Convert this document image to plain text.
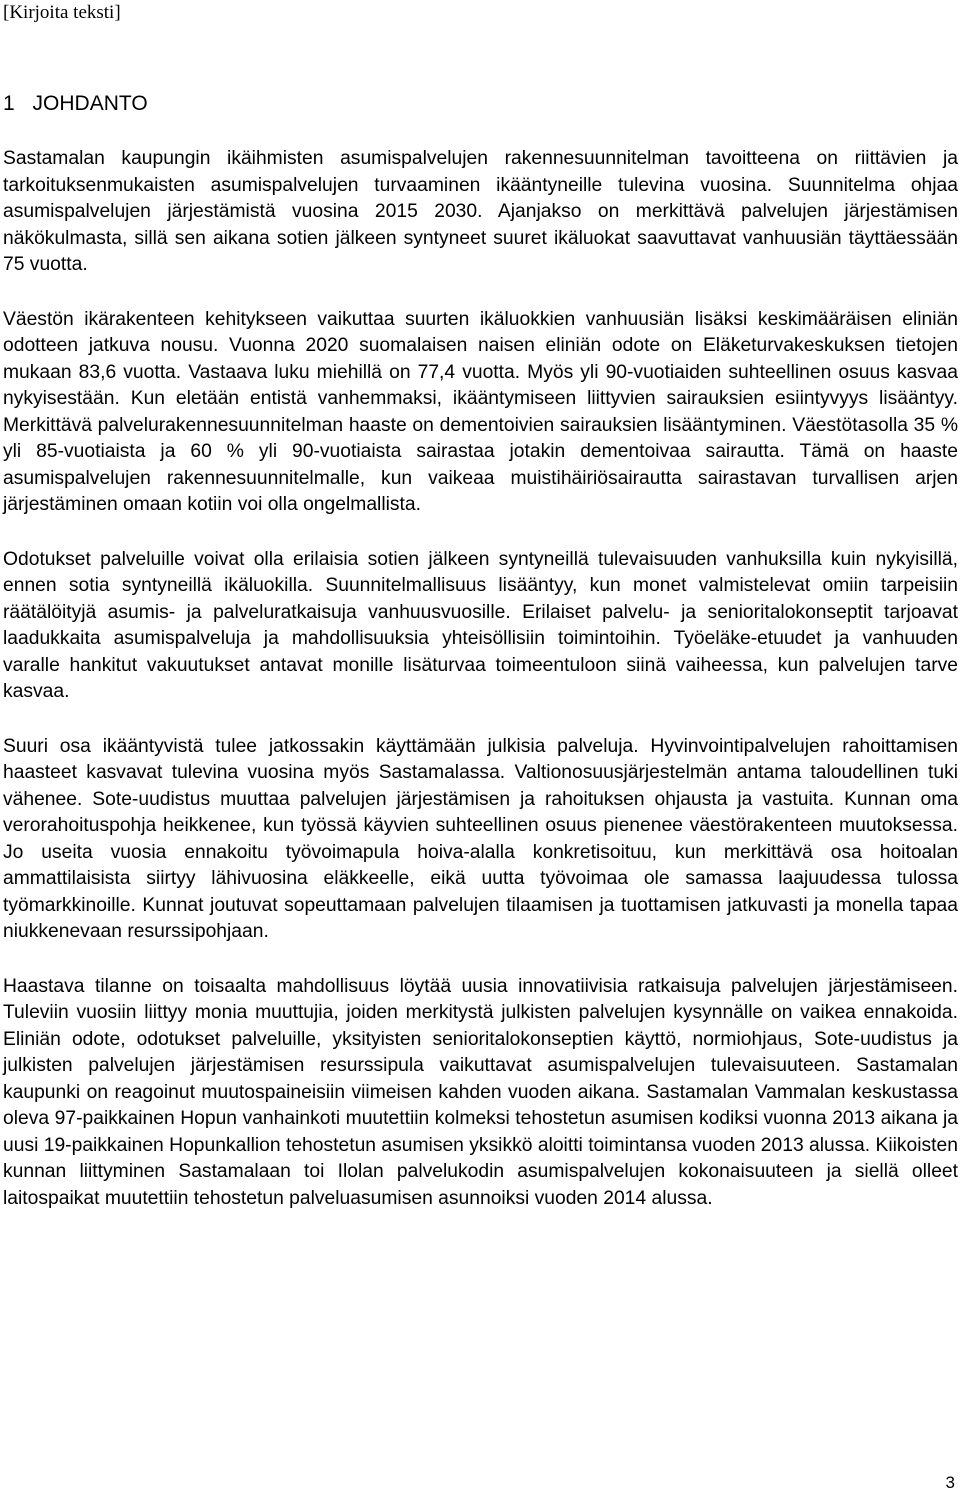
[Kirjoita teksti]
1 JOHDANTO

Sastamalan kaupungin ikäihmisten asumispalvelujen rakennesuunnitelman tavoitteena on riittävien ja tarkoituksenmukaisten asumispalvelujen turvaaminen ikääntyneille tulevina vuosina. Suunnitelma ohjaa asumispalvelujen järjestämistä vuosina 2015 2030. Ajanjakso on merkittävä palvelujen järjestämisen näkökulmasta, sillä sen aikana sotien jälkeen syntyneet suuret ikäluokat saavuttavat vanhuusiän täyttäessään 75 vuotta.

Väestön ikärakenteen kehitykseen vaikuttaa suurten ikäluokkien vanhuusiän lisäksi keskimääräisen eliniän odotteen jatkuva nousu. Vuonna 2020 suomalaisen naisen eliniän odote on Eläketurvakeskuksen tietojen mukaan 83,6 vuotta. Vastaava luku miehillä on 77,4 vuotta. Myös yli 90-vuotiaiden suhteellinen osuus kasvaa nykyisestään. Kun eletään entistä vanhemmaksi, ikääntymiseen liittyvien sairauksien esiintyvyys lisääntyy. Merkittävä palvelurakennesuunnitelman haaste on dementoivien sairauksien lisääntyminen. Väestötasolla 35 % yli 85-vuotiaista ja 60 % yli 90-vuotiaista sairastaa jotakin dementoivaa sairautta. Tämä on haaste asumispalvelujen rakennesuunnitelmalle, kun vaikeaa muistihäiriösairautta sairastavan turvallisen arjen järjestäminen omaan kotiin voi olla ongelmallista.

Odotukset palveluille voivat olla erilaisia sotien jälkeen syntyneillä tulevaisuuden vanhuksilla kuin nykyisillä, ennen sotia syntyneillä ikäluokilla. Suunnitelmallisuus lisääntyy, kun monet valmistelevat omiin tarpeisiin räätälöityjä asumis- ja palveluratkaisuja vanhuusvuosille. Erilaiset palvelu- ja senioritalokonseptit tarjoavat laadukkaita asumispalveluja ja mahdollisuuksia yhteisöllisiin toimintoihin. Työeläke-etuudet ja vanhuuden varalle hankitut vakuutukset antavat monille lisäturvaa toimeentuloon siinä vaiheessa, kun palvelujen tarve kasvaa.

Suuri osa ikääntyvistä tulee jatkossakin käyttämään julkisia palveluja. Hyvinvointipalvelujen rahoittamisen haasteet kasvavat tulevina vuosina myös Sastamalassa. Valtionosuusjärjestelmän antama taloudellinen tuki vähenee. Sote-uudistus muuttaa palvelujen järjestämisen ja rahoituksen ohjausta ja vastuita. Kunnan oma verorahoituspohja heikkenee, kun työssä käyvien suhteellinen osuus pienenee väestörakenteen muutoksessa. Jo useita vuosia ennakoitu työvoimapula hoiva-alalla konkretisoituu, kun merkittävä osa hoitoalan ammattilaisista siirtyy lähivuosina eläkkeelle, eikä uutta työvoimaa ole samassa laajuudessa tulossa työmarkkinoille. Kunnat joutuvat sopeuttamaan palvelujen tilaamisen ja tuottamisen jatkuvasti ja monella tapaa niukkenevaan resurssipohjaan.

Haastava tilanne on toisaalta mahdollisuus löytää uusia innovatiivisia ratkaisuja palvelujen järjestämiseen. Tuleviin vuosiin liittyy monia muuttujia, joiden merkitystä julkisten palvelujen kysynnälle on vaikea ennakoida. Eliniän odote, odotukset palveluille, yksityisten senioritalokonseptien käyttö, normiohjaus, Sote-uudistus ja julkisten palvelujen järjestämisen resurssipula vaikuttavat asumispalvelujen tulevaisuuteen. Sastamalan kaupunki on reagoinut muutospaineisiin viimeisen kahden vuoden aikana. Sastamalan Vammalan keskustassa oleva 97-paikkainen Hopun vanhainkoti muutettiin kolmeksi tehostetun asumisen kodiksi vuonna 2013 aikana ja uusi 19-paikkainen Hopunkallion tehostetun asumisen yksikkö aloitti toimintansa vuoden 2013 alussa. Kiikoisten kunnan liittyminen Sastamalaan toi Ilolan palvelukodin asumispalvelujen kokonaisuuteen ja siellä olleet laitospaikat muutettiin tehostetun palveluasumisen asunnoiksi vuoden 2014 alussa.

3
